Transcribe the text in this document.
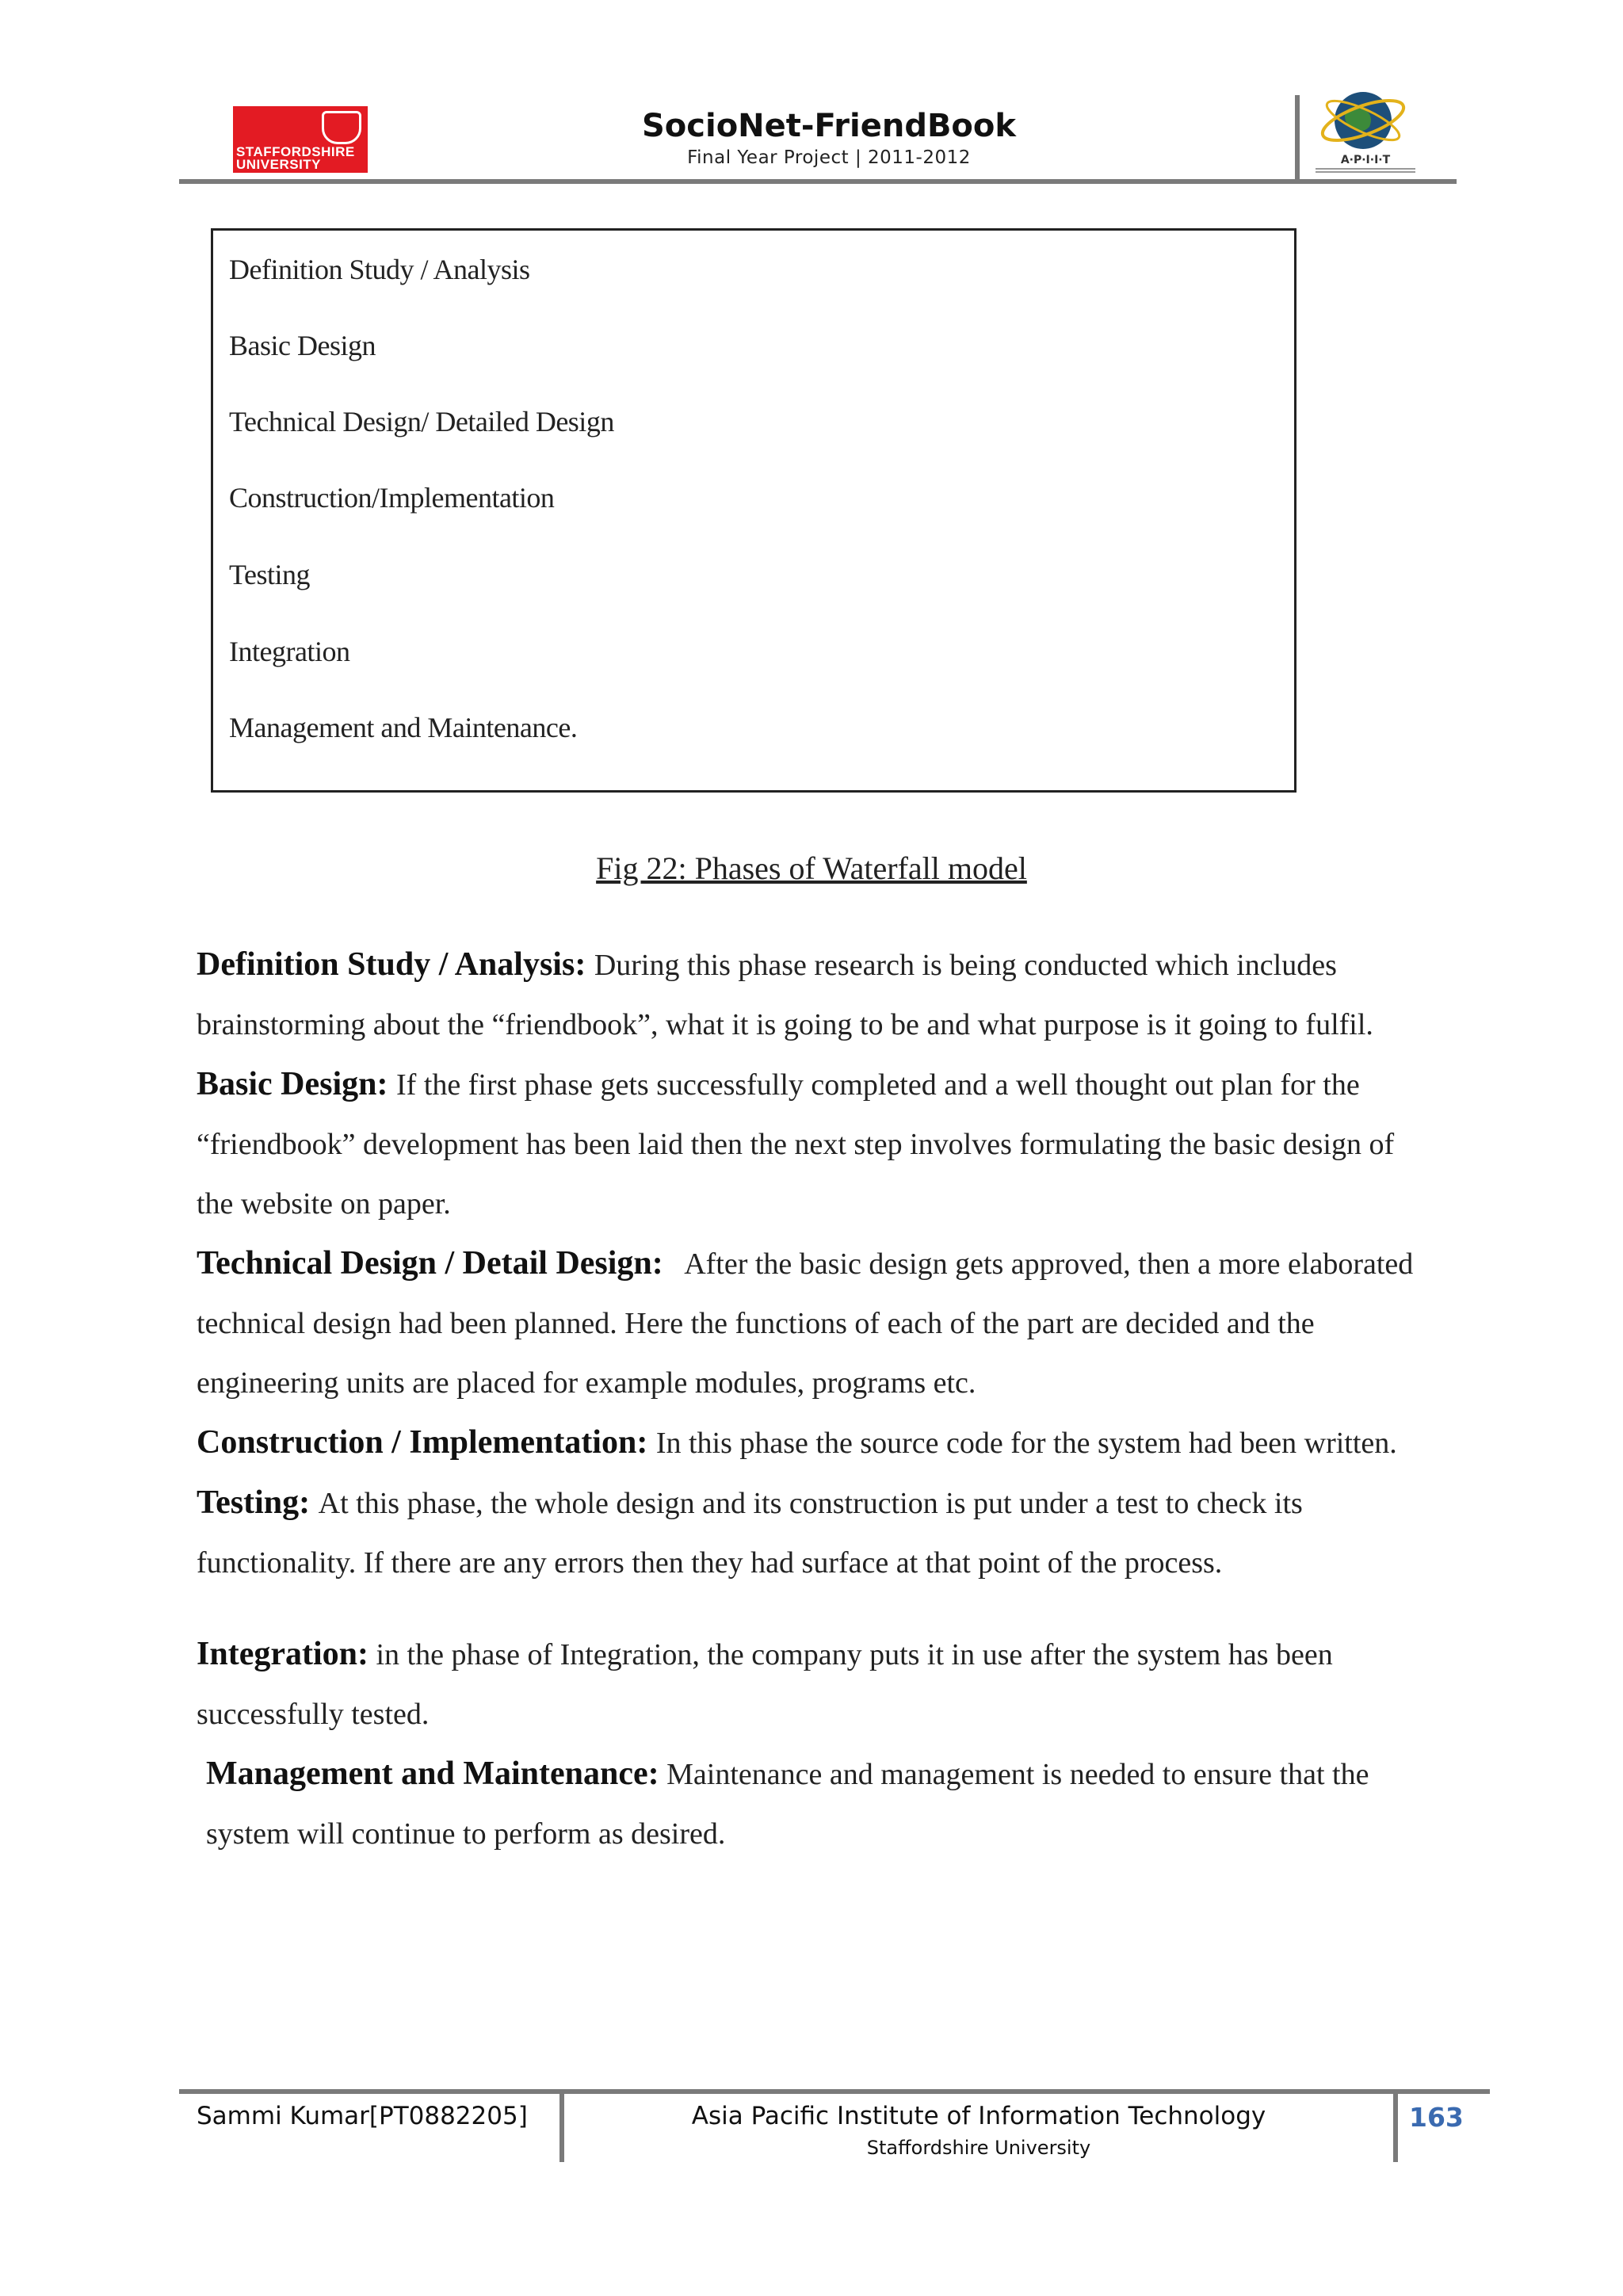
STAFFORDSHIRE
UNIVERSITY
SocioNet-FriendBook
Final Year Project | 2011-2012	A·P·I·I·T
Definition Study / Analysis
Basic Design
Technical Design/ Detailed Design
Construction/Implementation
Testing
Integration
Management and Maintenance.
Fig 22: Phases of Waterfall model

Definition Study / Analysis: During this phase research is being conducted which includes brainstorming about the “friendbook”, what it is going to be and what purpose is it going to fulfil.

Basic Design: If the first phase gets successfully completed and a well thought out plan for the “friendbook” development has been laid then the next step involves formulating the basic design of the website on paper.

Technical Design / Detail Design: After the basic design gets approved, then a more elaborated technical design had been planned. Here the functions of each of the part are decided and the engineering units are placed for example modules, programs etc.

Construction / Implementation: In this phase the source code for the system had been written.

Testing: At this phase, the whole design and its construction is put under a test to check its functionality. If there are any errors then they had surface at that point of the process.

Integration: in the phase of Integration, the company puts it in use after the system has been successfully tested.

Management and Maintenance: Maintenance and management is needed to ensure that the system will continue to perform as desired.

Sammi Kumar[PT0882205]	Asia Pacific Institute of Information Technology
Staffordshire University
163
